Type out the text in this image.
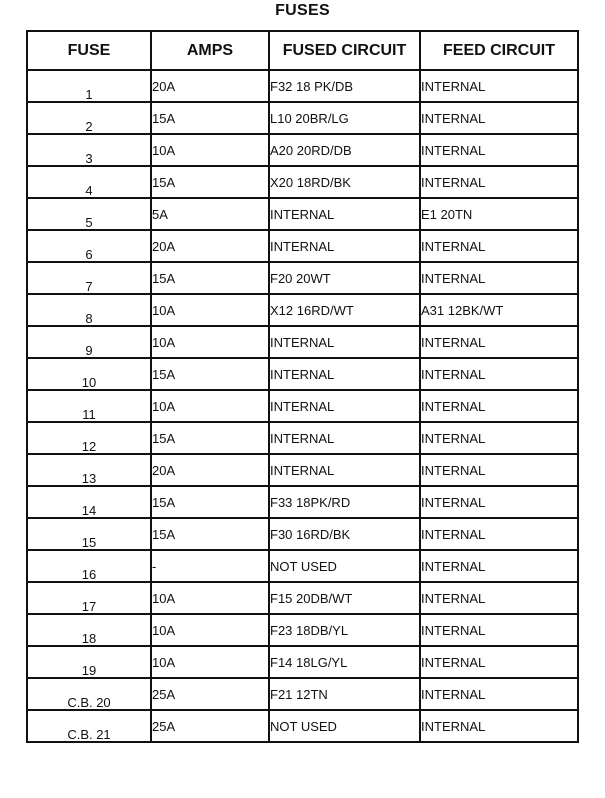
FUSES
FUSE	AMPS	FUSED CIRCUIT	FEED CIRCUIT
1	20A	F32 18 PK/DB	INTERNAL
2	15A	L10 20BR/LG	INTERNAL
3	10A	A20 20RD/DB	INTERNAL
4	15A	X20 18RD/BK	INTERNAL
5	5A	INTERNAL	E1 20TN
6	20A	INTERNAL	INTERNAL
7	15A	F20 20WT	INTERNAL
8	10A	X12 16RD/WT	A31 12BK/WT
9	10A	INTERNAL	INTERNAL
10	15A	INTERNAL	INTERNAL
11	10A	INTERNAL	INTERNAL
12	15A	INTERNAL	INTERNAL
13	20A	INTERNAL	INTERNAL
14	15A	F33 18PK/RD	INTERNAL
15	15A	F30 16RD/BK	INTERNAL
16	-	NOT USED	INTERNAL
17	10A	F15 20DB/WT	INTERNAL
18	10A	F23 18DB/YL	INTERNAL
19	10A	F14 18LG/YL	INTERNAL
C.B. 20	25A	F21 12TN	INTERNAL
C.B. 21	25A	NOT USED	INTERNAL
